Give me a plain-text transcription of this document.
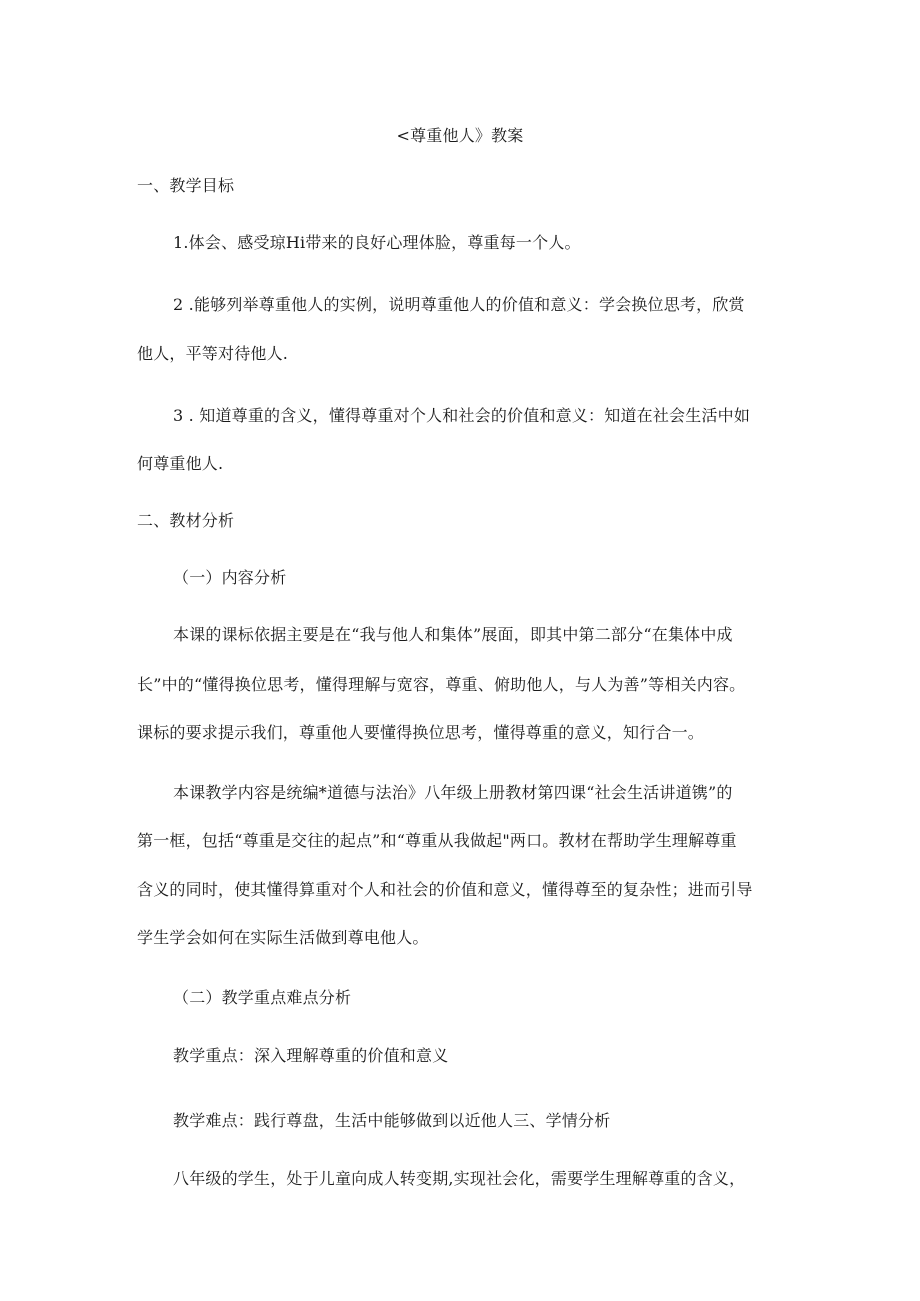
<尊重他人》教案
一、教学目标
1.体会、感受琼Hi带来的良好心理体脸，尊重每一个人。
2 .能够列举尊重他人的实例，说明尊重他人的价值和意义：学会换位思考，欣赏
他人，平等对待他人.
3 . 知道尊重的含义，懂得尊重对个人和社会的价值和意义：知道在社会生活中如
何尊重他人.
二、教材分析
（一）内容分析
本课的课标依据主要是在“我与他人和集体”展面，即其中第二部分“在集体中成
长”中的“懂得换位思考，懂得理解与宽容，尊重、俯助他人，与人为善”等相关内容。
课标的要求提示我们，尊重他人要懂得换位思考，懂得尊重的意义，知行合一。
本课教学内容是统编*道德与法治》八年级上册教材第四课“社会生活讲道镌”的
第一框，包括“尊重是交往的起点”和“尊重从我做起"两口。教材在帮助学生理解尊重
含义的同时，使其懂得算重对个人和社会的价值和意义，懂得尊至的复杂性；进而引导
学生学会如何在实际生活做到尊电他人。
（二）教学重点难点分析
教学重点：深入理解尊重的价值和意义
教学难点：践行尊盘，生活中能够做到以近他人三、学情分析
八年级的学生，处于儿童向成人转变期,实现社会化，需要学生理解尊重的含义，
